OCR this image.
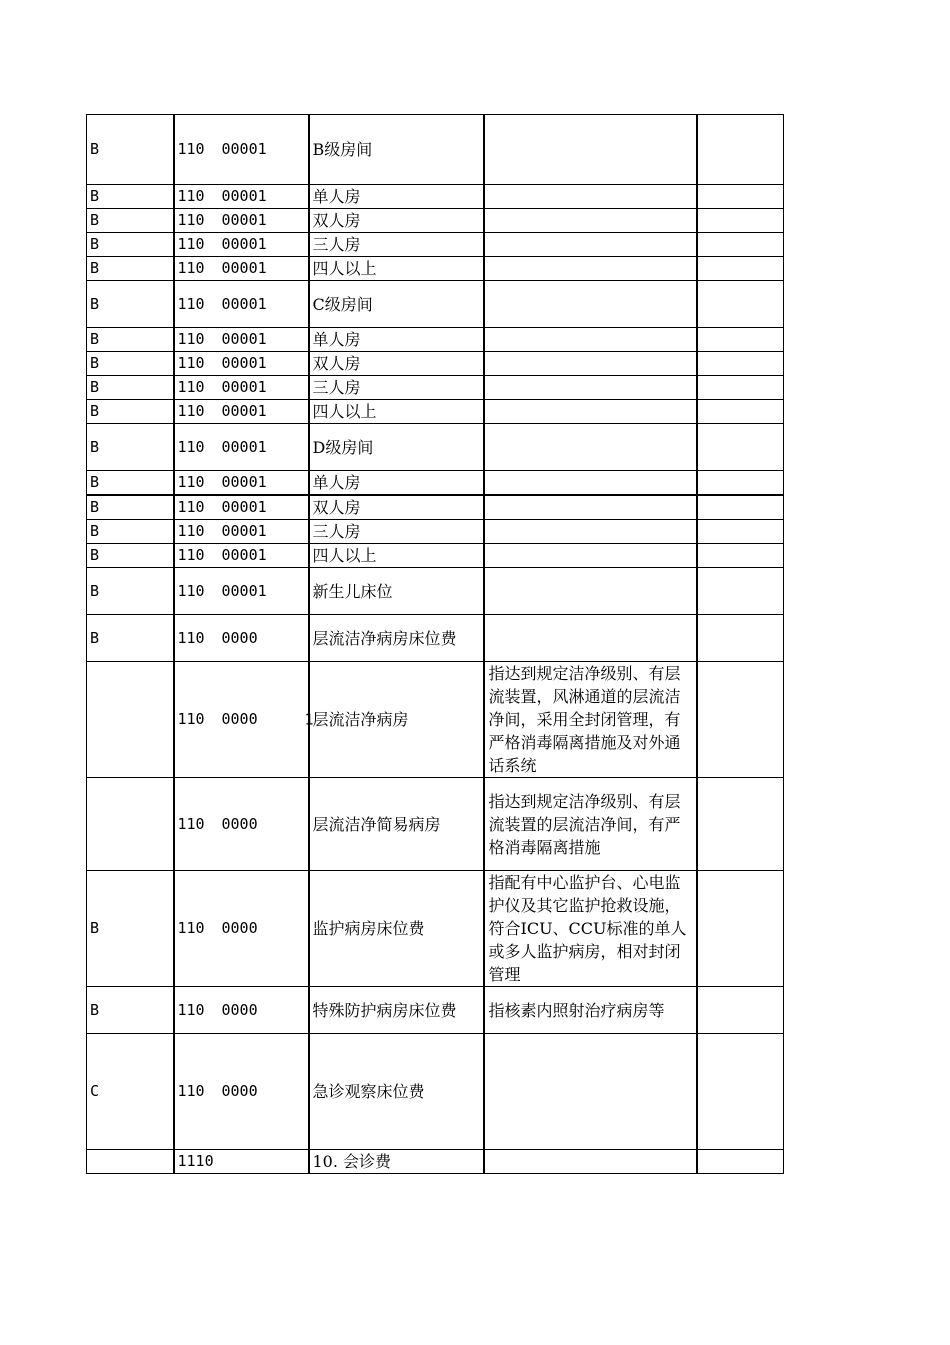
B	110 00001	B级房间		
B	110 00001	单人房		
B	110 00001	双人房		
B	110 00001	三人房		
B	110 00001	四人以上		
B	110 00001	C级房间		
B	110 00001	单人房		
B	110 00001	双人房		
B	110 00001	三人房		
B	110 00001	四人以上		
B	110 00001	D级房间		
B	110 00001	单人房		
B	110 00001	双人房		
B	110 00001	三人房		
B	110 00001	四人以上		
B	110 00001	新生儿床位		
B	110 0000	层流洁净病房床位费		
	110 0000 1	层流洁净病房	指达到规定洁净级别、有层流装置，风淋通道的层流洁净间，采用全封闭管理，有严格消毒隔离措施及对外通话系统	
	110 0000	层流洁净简易病房	指达到规定洁净级别、有层流装置的层流洁净间，有严格消毒隔离措施	
B	110 0000	监护病房床位费	指配有中心监护台、心电监护仪及其它监护抢救设施，符合ICU、CCU标准的单人或多人监护病房，相对封闭管理	
B	110 0000	特殊防护病房床位费	指核素内照射治疗病房等	
C	110 0000	急诊观察床位费		
	1110	10. 会诊费		
